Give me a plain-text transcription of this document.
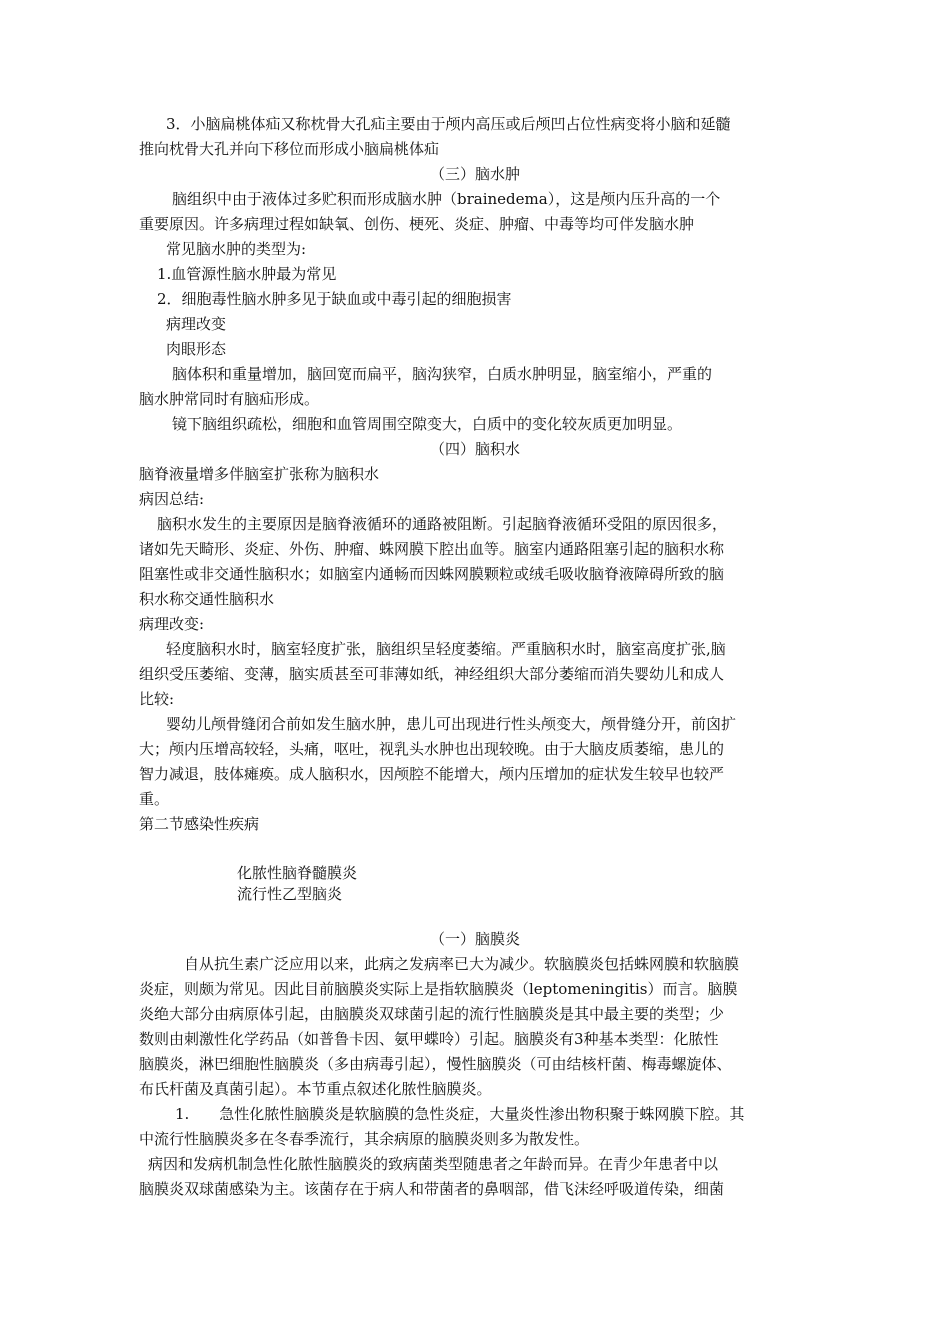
3．小脑扁桃体疝又称枕骨大孔疝主要由于颅内高压或后颅凹占位性病变将小脑和延髓
推向枕骨大孔并向下移位而形成小脑扁桃体疝
（三）脑水肿
脑组织中由于液体过多贮积而形成脑水肿（brainedema），这是颅内压升高的一个
重要原因。许多病理过程如缺氧、创伤、梗死、炎症、肿瘤、中毒等均可伴发脑水肿
常见脑水肿的类型为:
1.血管源性脑水肿最为常见
2．细胞毒性脑水肿多见于缺血或中毒引起的细胞损害
病理改变
肉眼形态
脑体积和重量增加，脑回宽而扁平，脑沟狭窄，白质水肿明显，脑室缩小，严重的
脑水肿常同时有脑疝形成。
镜下脑组织疏松，细胞和血管周围空隙变大，白质中的变化较灰质更加明显。
（四）脑积水
脑脊液量增多伴脑室扩张称为脑积水
病因总结:
脑积水发生的主要原因是脑脊液循环的通路被阻断。引起脑脊液循环受阻的原因很多，
诸如先天畸形、炎症、外伤、肿瘤、蛛网膜下腔出血等。脑室内通路阻塞引起的脑积水称
阻塞性或非交通性脑积水；如脑室内通畅而因蛛网膜颗粒或绒毛吸收脑脊液障碍所致的脑
积水称交通性脑积水
病理改变:
轻度脑积水时，脑室轻度扩张，脑组织呈轻度萎缩。严重脑积水时，脑室高度扩张,脑
组织受压萎缩、变薄，脑实质甚至可菲薄如纸，神经组织大部分萎缩而消失婴幼儿和成人
比较:
婴幼儿颅骨缝闭合前如发生脑水肿，患儿可出现进行性头颅变大，颅骨缝分开，前囟扩
大；颅内压增高较轻，头痛，呕吐，视乳头水肿也出现较晚。由于大脑皮质萎缩，患儿的
智力减退，肢体瘫痪。成人脑积水，因颅腔不能增大，颅内压增加的症状发生较早也较严
重。
第二节感染性疾病
化脓性脑脊髓膜炎
流行性乙型脑炎
（一）脑膜炎
自从抗生素广泛应用以来，此病之发病率已大为减少。软脑膜炎包括蛛网膜和软脑膜
炎症，则颇为常见。因此目前脑膜炎实际上是指软脑膜炎（leptomeningitis）而言。脑膜
炎绝大部分由病原体引起，由脑膜炎双球菌引起的流行性脑膜炎是其中最主要的类型；少
数则由刺激性化学药品（如普鲁卡因、氨甲蝶呤）引起。脑膜炎有3种基本类型：化脓性
脑膜炎，淋巴细胞性脑膜炎（多由病毒引起），慢性脑膜炎（可由结核杆菌、梅毒螺旋体、
布氏杆菌及真菌引起）。本节重点叙述化脓性脑膜炎。
1.　　急性化脓性脑膜炎是软脑膜的急性炎症，大量炎性渗出物积聚于蛛网膜下腔。其
中流行性脑膜炎多在冬春季流行，其余病原的脑膜炎则多为散发性。
病因和发病机制急性化脓性脑膜炎的致病菌类型随患者之年龄而异。在青少年患者中以
脑膜炎双球菌感染为主。该菌存在于病人和带菌者的鼻咽部，借飞沫经呼吸道传染，细菌
